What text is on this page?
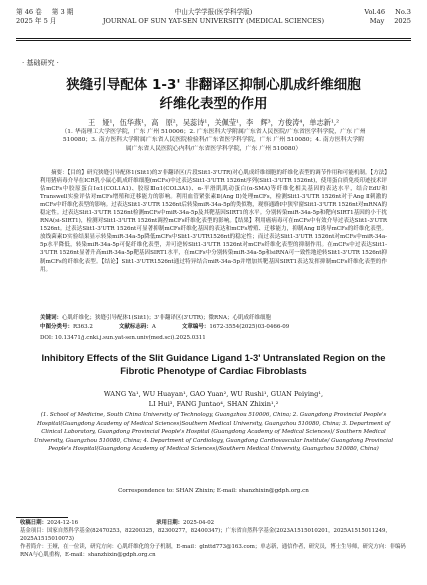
第 46 卷 第 3 期
2025 年 5 月
中山大学学报(医学科学版)
JOURNAL OF SUN YAT-SEN UNIVERSITY (MEDICAL SCIENCES)
Vol.46 No.3
May 2025
· 基础研究 ·
狭缝引导配体 1-3' 非翻译区抑制心肌成纤维细胞
纤维化表型的作用
王　娅¹，伍华燕¹，高　原²，吴蕊诗¹，关佩莹¹，李　辉³，方俊涛⁴，单志新¹,²
（1. 华南理工大学医学院，广东 广州 510006；2. 广东医科大学附属广东省人民医院/广东省医学科学院，广东 广州
510080；3. 南方医科大学附属广东省人民医院检验科/广东省医学科学院，广东 广州 510080；4. 南方医科大学附
属广东省人民医院心内科/广东省医学科学院，广东 广州 510080）

摘要：【目的】研究狭缝引导配体1(Slit1)的3'非翻译区(片段Slit1-3'UTR)对心肌成纤维细胞的纤维化表型的调节作用和可能机制。【方法】利用猪病毒介导在ICR乳小鼠心肌成纤维细胞(mCFs)中过表达Slit1-3'UTR 1526nt序列(Slit1-3'UTR 1526nt)，使用蛋白质免疫印迹技术评估mCFs中胶原蛋白Ⅰα1(COL1A1)、胶原Ⅲα1(COL3A1)、α-平滑肌肌动蛋白(α-SMA)等纤维化相关基因的表达水平，结合EdU和Transwell实验评估对mCFs增殖和迁移能力的影响。利用血管紧张素Ⅱ(Ang Ⅱ)处理mCFs，检测Slit1-3'UTR 1526nt对于Ang Ⅱ刺激的mCFs中纤维化表型的影响。过表达Slit1-3'UTR 1526nt后转染miR-34a-5p的类似物，观察通路Ⅰ中狭窄窗Slit1-3'UTR 1526nt对mRNA的稳定性。过表达Slit1-3'UTR 1526nt检测mCFs中miR-34a-5p及其靶基因SIRT1的水平。分别转染miR-34a-5p和靶向SIRT1基因的小干扰RNA(si-SIRT1)，检测对Slit1-3'UTR 1526nt调控mCFs纤维化表型的影响。【结果】利用癌病毒可在mCFs中有效介导过表达Slit1-3'UTR 1526nt。过表达Slit1-3'UTR 1526nt可显著抑制mCFs纤维化基因的表达和mCFs增殖、迁移能力，抑制Ang Ⅱ诱导mCFs的纤维化表型。放线菌素D实验结果显示转染miR-34a-5p降低mCFs中Slit1-3'UTR1526nt的稳定性；而过表达Slit1-3'UTR 1526nt对mCFs中miR-34a-5p水平降低，转染miR-34a-5p可促纤维化表型，并可逆转Slit1-3'UTR 1526nt对mCFs纤维化表型的抑制作用。在mCFs中过表达Slit1-3'UTR 1526nt显著升高miR-34a-5p靶基因SIRT1水平，在mCFs中分别转染miR-34a-5p和siRNA可一致性地逆转Slit1-3'UTR 1526nt抑制mCFs的纤维化表型。【结论】Slit1-3'UTR1526nt通过特异结合miR-34a-5p并增加其靶基因SIRT1表达发挥抑制mCFs纤维化表型的作用。

关键词：心肌纤维化；狭缝引导配体1(Slit1)；3'非翻译区(3'UTR)；微RNA；心肌成纤维细胞
中图分类号：R363.2	文献标志码：A	文章编号：1672-3554(2025)03-0466-09
DOI: 10.13471/j.cnki.j.sun.yat-sen.univ(med.sci).2025.0311
Inhibitory Effects of the Slit Guidance Ligand 1-3' Untranslated Region on the Fibrotic Phenotype of Cardiac Fibroblasts
WANG Ya¹, WU Huayan¹, GAO Yuan², WU Rushi¹, GUAN Peiying¹,
LI Hui³, FANG Juntao⁴, SHAN Zhixin¹,²
(1. School of Medicine, South China University of Technology, Guangzhou 510006, China; 2. Guangdong Provincial People's Hospital(Guangdong Academy of Medical Sciences)Southern Medical University, Guangzhou 510080, China; 3. Department of Clinical Laboratory, Guangdong Provincial People's Hospital (Guangdong Academy of Medical Sciences)/ Southern Medical University, Guangzhou 510080, China; 4. Department of Cardiology, Guangdong Cardiovascular Institute/ Guangdong Provincial People's Hospital(Guangdong Academy of Medical Sciences)/Southern Medical University, Guangzhou 510080, China)
Correspondence to: SHAN Zhixin; E-mail: shanzhixin@gdph.org.cn
收稿日期：2024-12-16	录用日期：2025-04-02
基金项目：国家自然科学基金(82470253，82200325，82300277，82400347)；广东省自然科学基金(2023A1515010201，2025A1515011249，2025A1515010073)
作者简介：王娅，在一位读，研究方向：心肌纤维化的分子机制，E-mail：glnttd773@163.com；单志新，通信作者，研究员，博士生导师，研究方向：非编码RNA与心肌重构，E-mail：shanzhixin@gdph.org.cn
